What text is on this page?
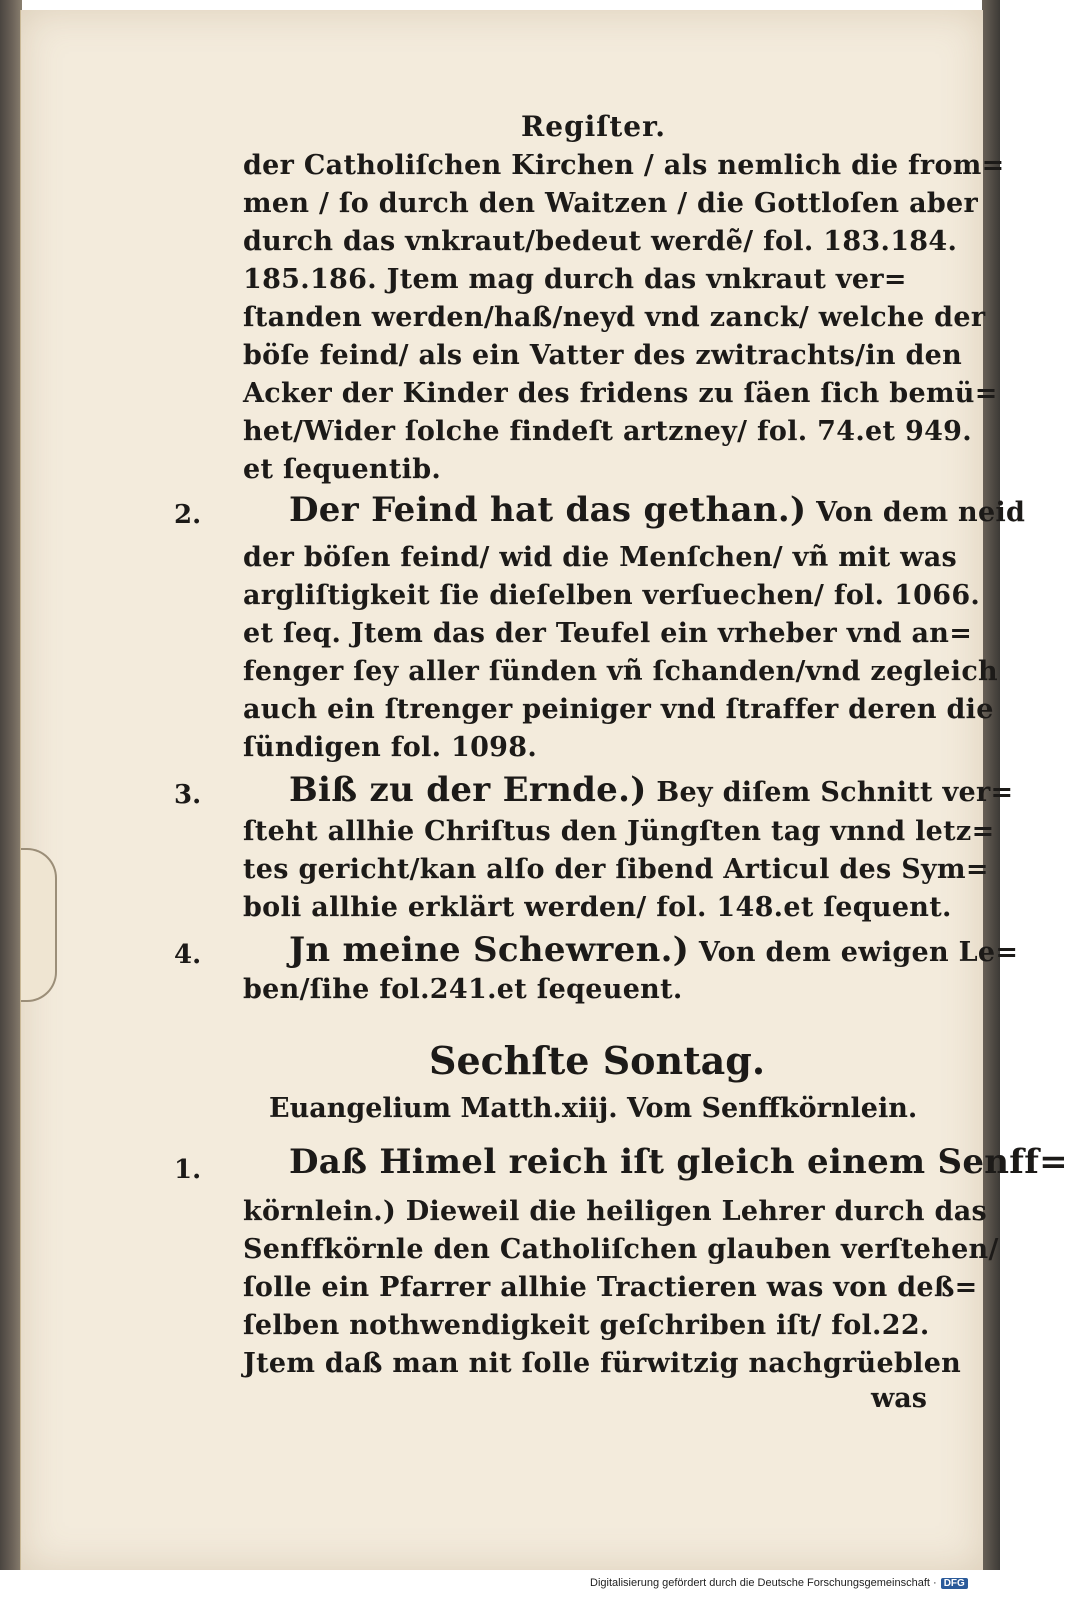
Regiſter.
der Catholiſchen Kirchen / als nemlich die from=
men / ſo durch den Waitzen / die Gottloſen aber
durch das vnkraut/bedeut werdẽ/ fol. 183.184.
185.186. Jtem mag durch das vnkraut ver=
ſtanden werden/haß/neyd vnd zanck/ welche der
böſe feind/ als ein Vatter des zwitrachts/in den
Acker der Kinder des fridens zu ſäen ſich bemü=
het/Wider ſolche findeſt artzney/ fol. 74.et 949.
et ſequentib.
2.	Der Feind hat das gethan.) Von dem neid
der böſen feind/ wid die Menſchen/ vñ mit was
argliſtigkeit ſie dieſelben verſuechen/ fol. 1066.
et ſeq. Jtem das der Teufel ein vrheber vnd an=
fenger ſey aller ſünden vñ ſchanden/vnd zegleich
auch ein ſtrenger peiniger vnd ſtraffer deren die
ſündigen fol. 1098.
3.	Biß zu der Ernde.) Bey diſem Schnitt ver=
ſteht allhie Chriſtus den Jüngſten tag vnnd letz=
tes gericht/kan alſo der ſibend Articul des Sym=
boli allhie erklärt werden/ fol. 148.et ſequent.
4.	Jn meine Schewren.) Von dem ewigen Le=
ben/ſihe fol.241.et ſeqeuent.
Sechſte Sontag.
Euangelium Matth.xiij. Vom Senffkörnlein.
1.	Daß Himel reich iſt gleich einem Senff=
körnlein.) Dieweil die heiligen Lehrer durch das
Senffkörnle den Catholiſchen glauben verſtehen/
ſolle ein Pfarrer allhie Tractieren was von deß=
ſelben nothwendigkeit geſchriben iſt/ fol.22.
Jtem daß man nit ſolle fürwitzig nachgrüeblen
was
Digitalisierung gefördert durch die Deutsche Forschungsgemeinschaft · DFG
